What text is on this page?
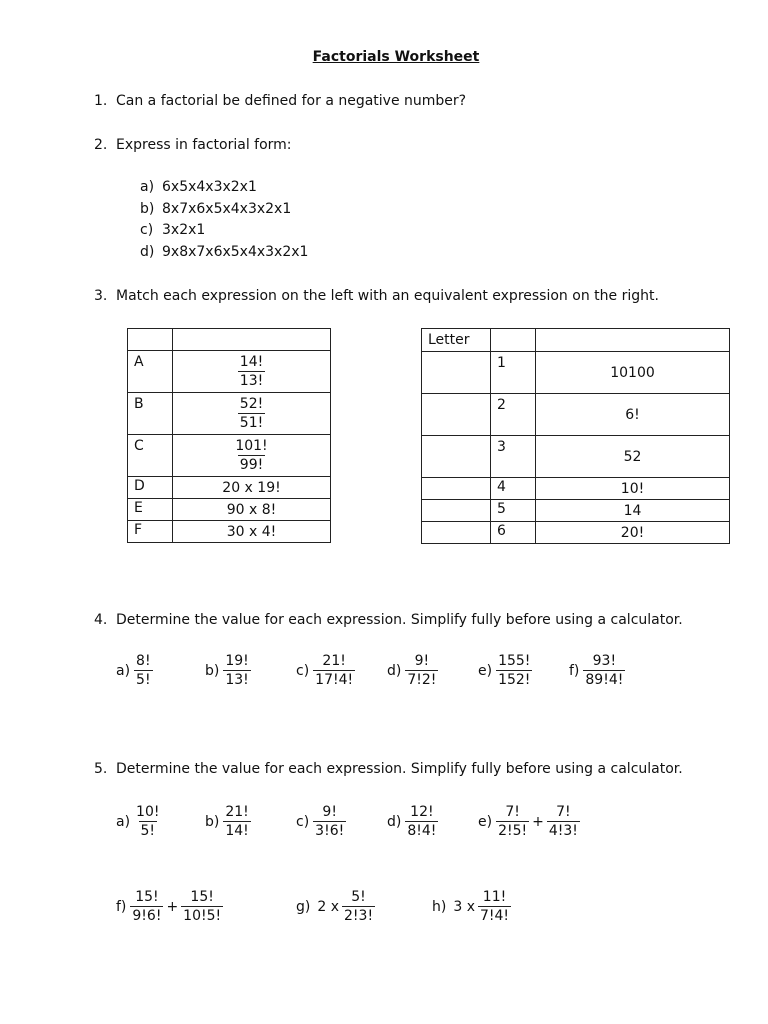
Factorials Worksheet
1. Can a factorial be defined for a negative number?
2. Express in factorial form:
a) 6x5x4x3x2x1
b) 8x7x6x5x4x3x2x1
c) 3x2x1
d) 9x8x7x6x5x4x3x2x1
3. Match each expression on the left with an equivalent expression on the right.

A	$\frac{14!}{13!}$

B	$\frac{52!}{51!}$

C	$\frac{101!}{99!}$

D	20 x 19!
E	90 x 8!
F	30 x 4!
Letter		
	1	10100
	2	6!
	3	52
	4	10!
	5	14
	6	20!
4. Determine the value for each expression. Simplify fully before using a calculator.
$a) \frac{8!}{5!}$	$b) \frac{19!}{13!}$	$c) \frac{21!}{17!4!} d) \frac{9!}{7!2!}$	$e) \frac{155!}{152!}$	$f) \frac{93!}{89!4!}$
5. Determine the value for each expression. Simplify fully before using a calculator.
$a) \frac{10!}{5!}$	$b) \frac{21!}{14!}$	$c) \frac{9!}{3!6!}$	$d) \frac{12!}{8!4!}$	$e) \frac{7!}{2!5!} + \frac{7!}{4!3!}$
$f) \frac{15!}{9!6!} + \frac{15!}{10!5!}$	g) 2 x $\frac{5!}{2!3!}$	h) 3 x $\frac{11!}{7!4!}$
